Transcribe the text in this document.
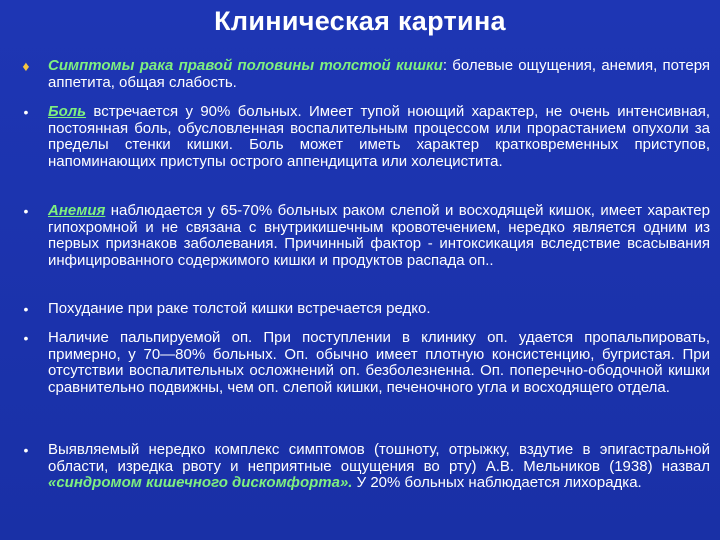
Клиническая картина
♦ Симптомы рака правой половины толстой кишки: болевые ощущения, анемия, потеря аппетита, общая слабость.
• Боль встречается у 90% больных. Имеет тупой ноющий характер, не очень интенсивная, постоянная боль, обусловленная воспалительным процессом или прорастанием опухоли за пределы стенки кишки. Боль может иметь характер кратковременных приступов, напоминающих приступы острого аппендицита или холецистита.
• Анемия наблюдается у 65-70% больных раком слепой и восходящей кишок, имеет характер гипохромной и не связана с внутрикишечным кровотечением, нередко является одним из первых признаков заболевания. Причинный фактор - интоксикация вследствие всасывания инфицированного содержимого кишки и продуктов распада оп..
• Похудание при раке толстой кишки встречается редко.
• Наличие пальпируемой оп. При поступлении в клинику оп. удается пропальпировать, примерно, у 70—80% больных. Оп. обычно имеет плотную консистенцию, бугристая. При отсутствии воспалительных осложнений оп. безболезненна. Оп. поперечно-ободочной кишки сравнительно подвижны, чем оп. слепой кишки, печеночного угла и восходящего отдела.
• Выявляемый нередко комплекс симптомов (тошноту, отрыжку, вздутие в эпигастральной области, изредка рвоту и неприятные ощущения во рту) А.В. Мельников (1938) назвал «синдромом кишечного дискомфорта». У 20% больных наблюдается лихорадка.
